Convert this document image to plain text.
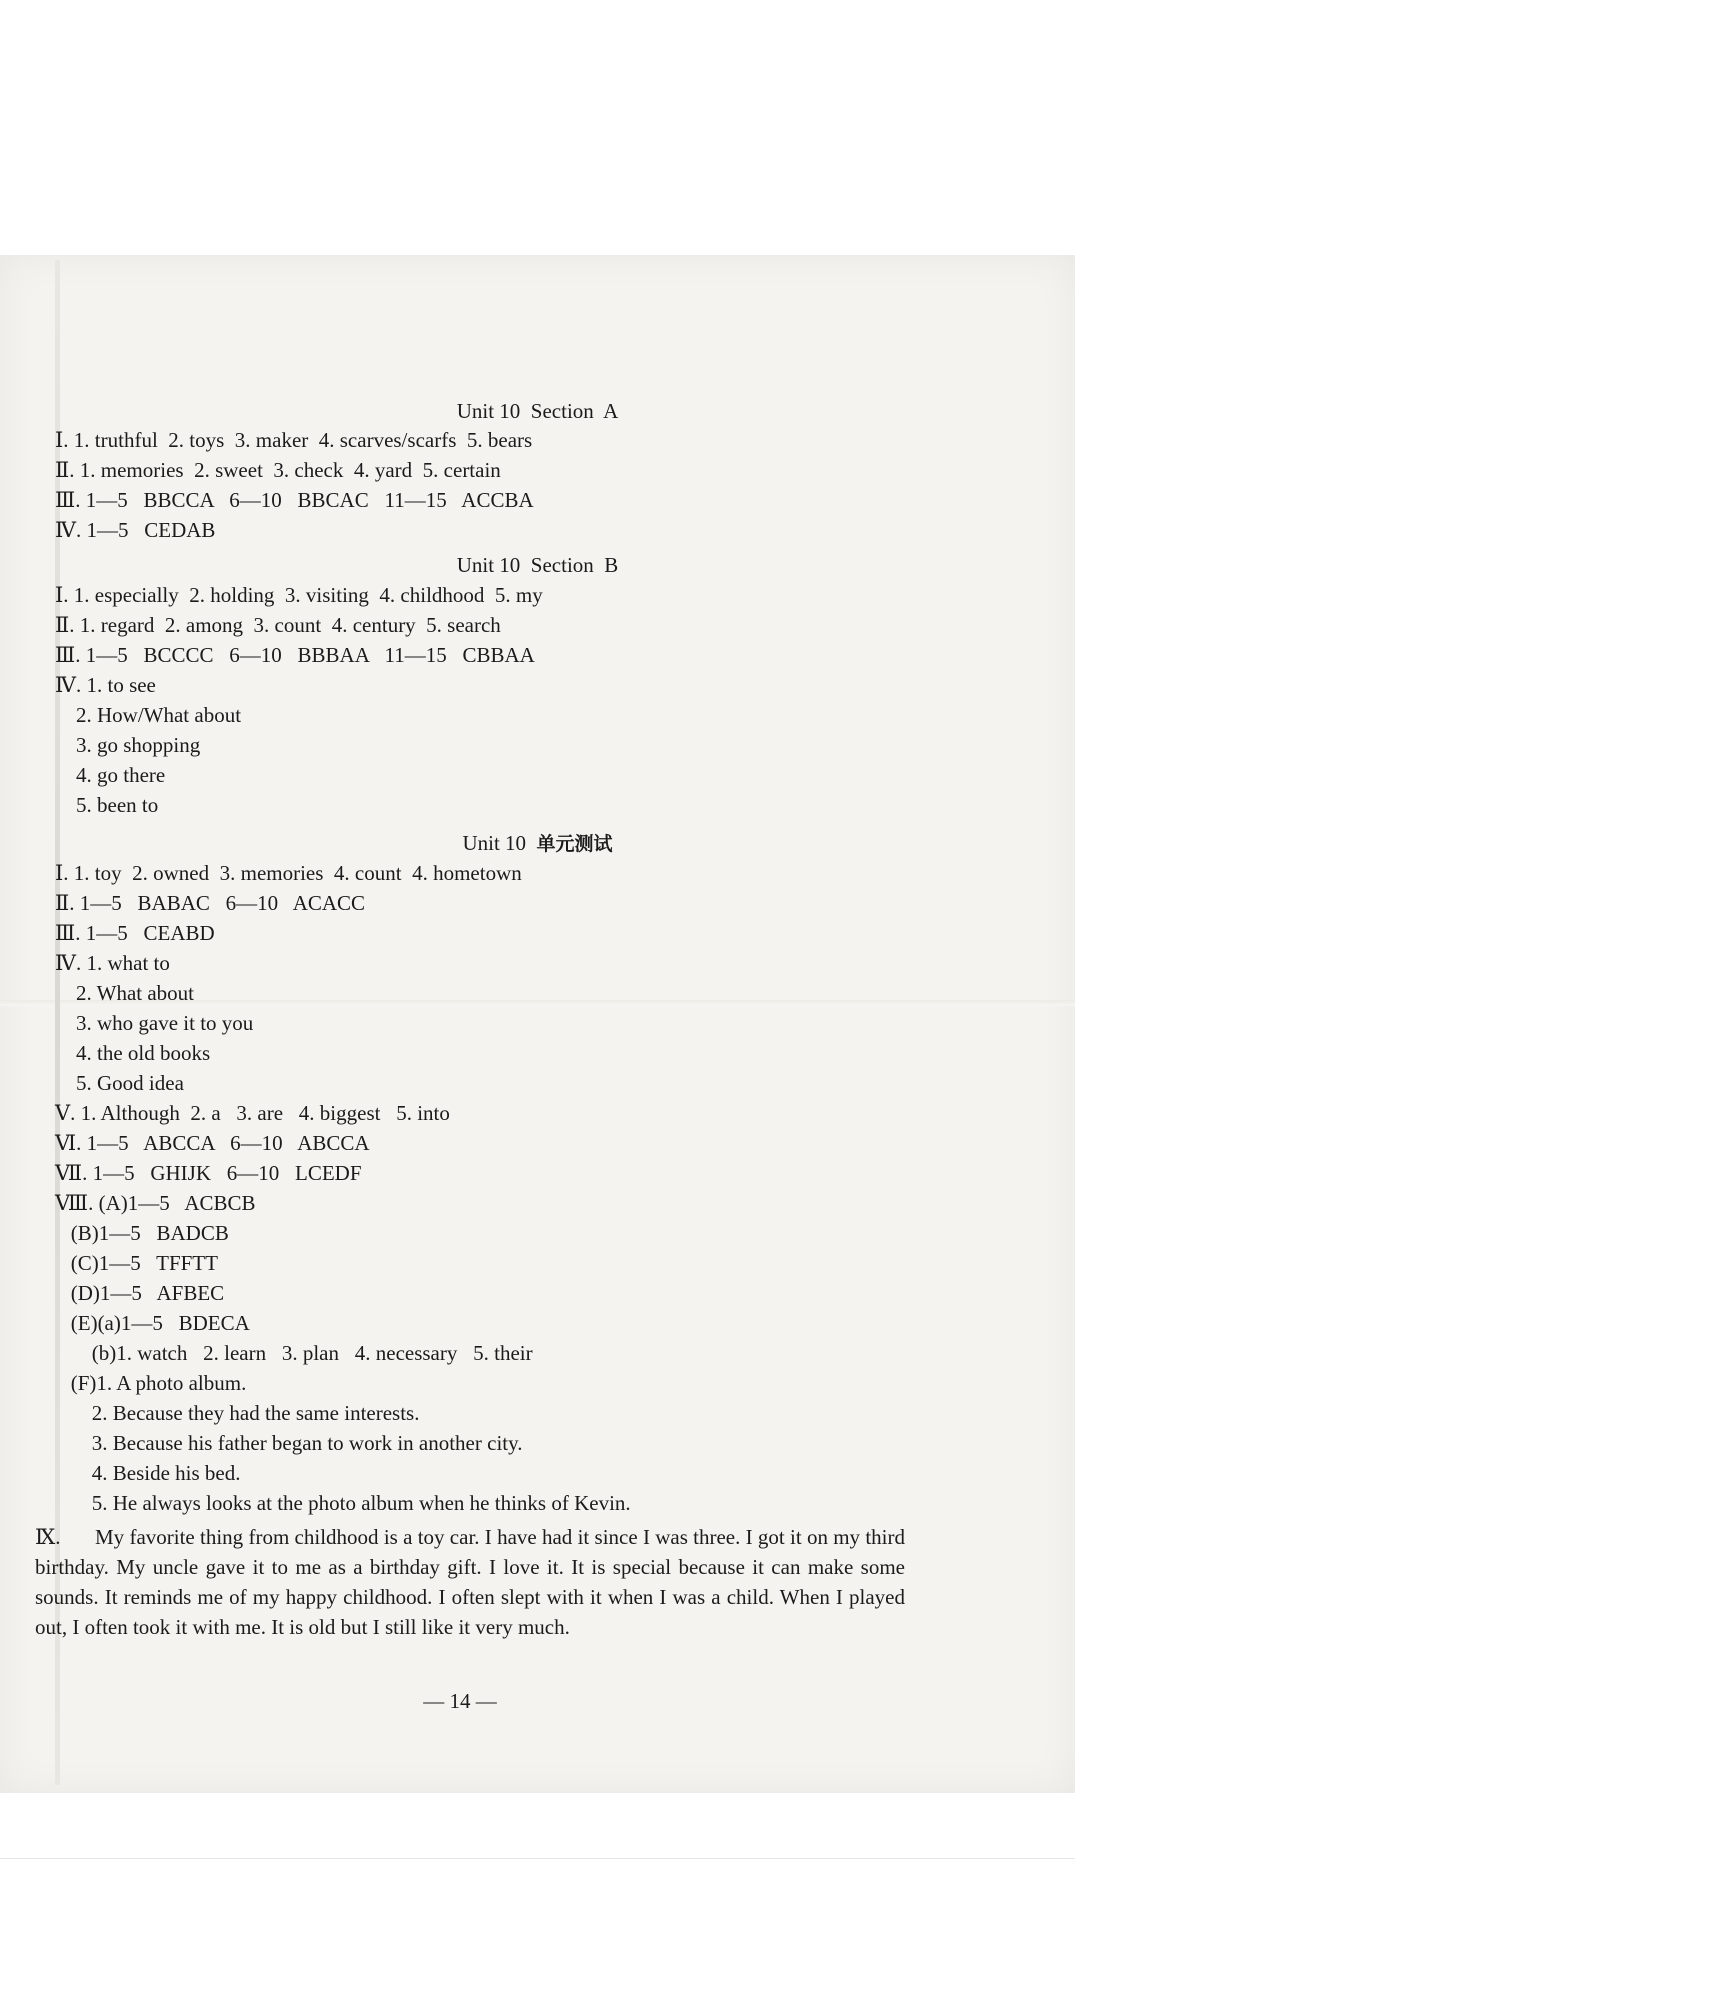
Unit 10  Section  A
Ⅰ. 1. truthful  2. toys  3. maker  4. scarves/scarfs  5. bears
Ⅱ. 1. memories  2. sweet  3. check  4. yard  5. certain
Ⅲ. 1—5   BBCCA   6—10   BBCAC   11—15   ACCBA
Ⅳ. 1—5   CEDAB
Unit 10  Section  B
Ⅰ. 1. especially  2. holding  3. visiting  4. childhood  5. my
Ⅱ. 1. regard  2. among  3. count  4. century  5. search
Ⅲ. 1—5   BCCCC   6—10   BBBAA   11—15   CBBAA
Ⅳ. 1. to see
2. How/What about
3. go shopping
4. go there
5. been to
Unit 10  单元测试
Ⅰ. 1. toy  2. owned  3. memories  4. count  4. hometown
Ⅱ. 1—5   BABAC   6—10   ACACC
Ⅲ. 1—5   CEABD
Ⅳ. 1. what to
2. What about
3. who gave it to you
4. the old books
5. Good idea
Ⅴ. 1. Although  2. a   3. are   4. biggest   5. into
Ⅵ. 1—5   ABCCA   6—10   ABCCA
Ⅶ. 1—5   GHIJK   6—10   LCEDF
Ⅷ. (A)1—5   ACBCB
(B)1—5   BADCB
(C)1—5   TFFTT
(D)1—5   AFBEC
(E)(a)1—5   BDECA
(b)1. watch   2. learn   3. plan   4. necessary   5. their
(F)1. A photo album.
2. Because they had the same interests.
3. Because his father began to work in another city.
4. Beside his bed.
5. He always looks at the photo album when he thinks of Kevin.
Ⅸ.	My favorite thing from childhood is a toy car. I have had it since I was three. I got it on my third birthday. My uncle gave it to me as a birthday gift. I love it. It is special because it can make some sounds. It reminds me of my happy childhood. I often slept with it when I was a child. When I played out, I often took it with me. It is old but I still like it very much.
— 14 —
